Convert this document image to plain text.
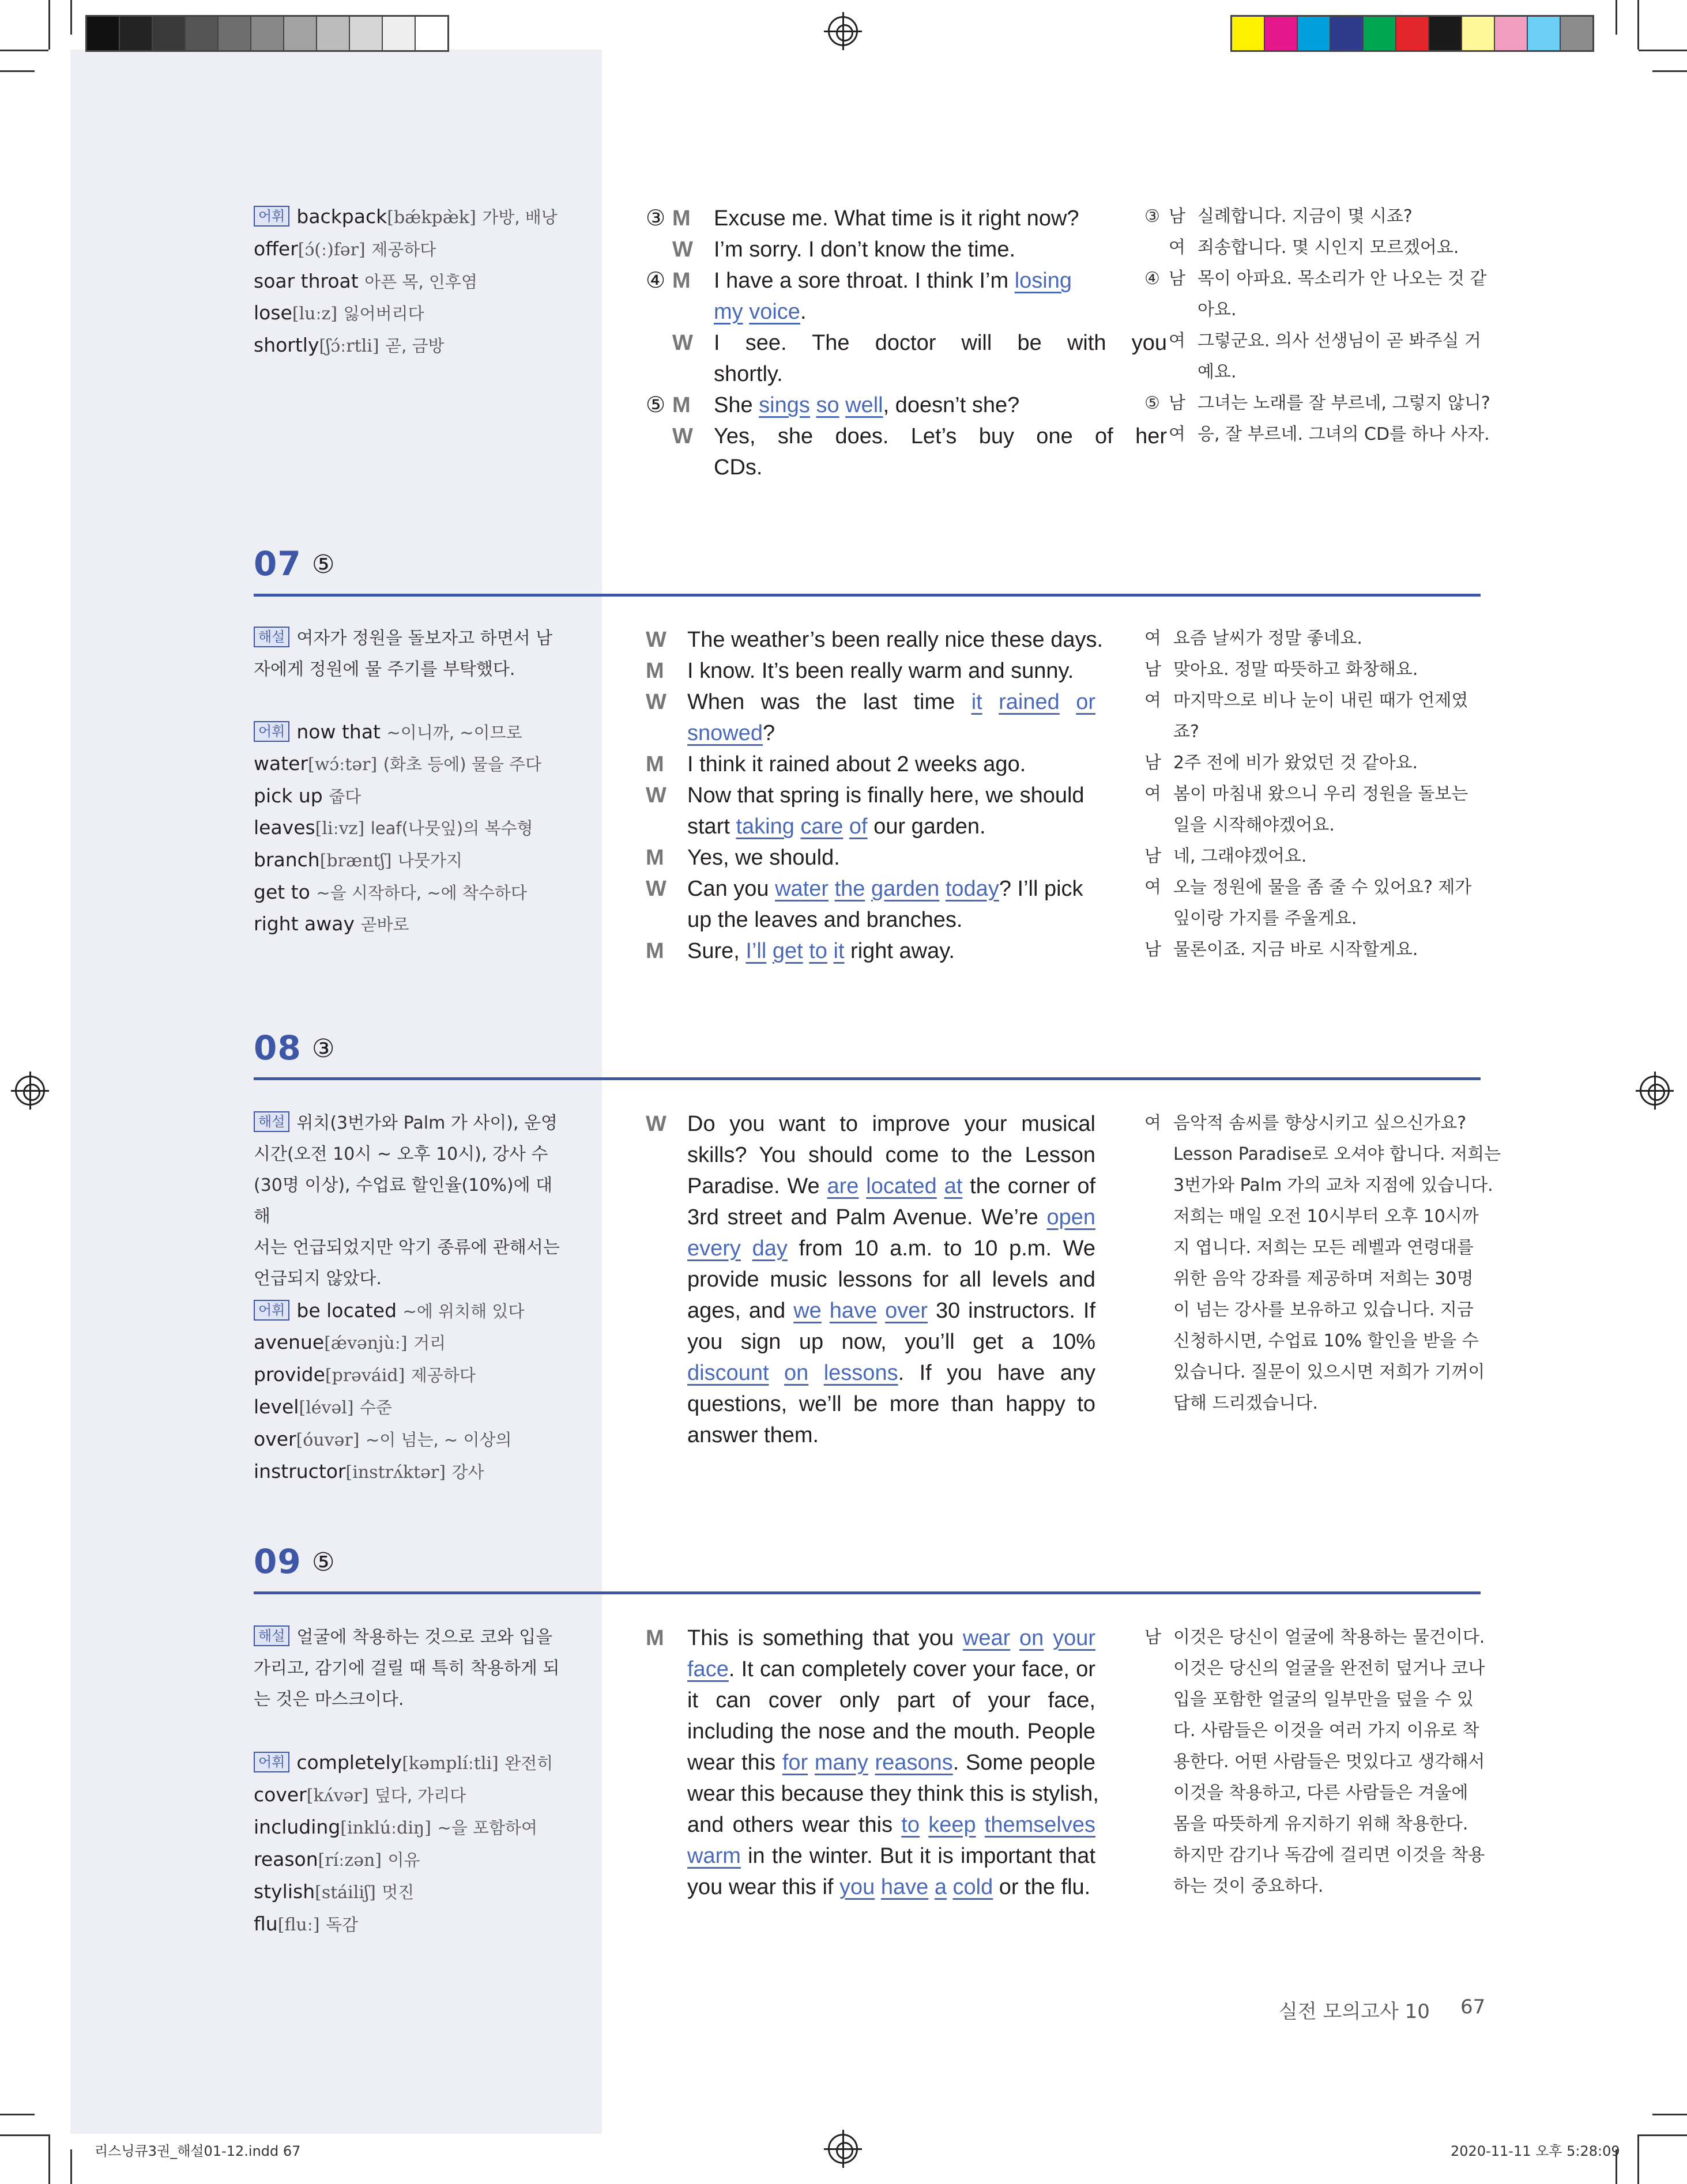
리스닝큐3권_해설01-12.indd 67	2020-11-11 오후 5:28:09
어휘 backpack[bǽkpæ̀k] 가방, 배낭
offer[ɔ́(ː)fər] 제공하다
soar throat 아픈 목, 인후염
lose[luːz] 잃어버리다
shortly[ʃɔ́ːrtli] 곧, 금방
③ M	Excuse me. What time is it right now?
W I’m sorry. I don’t know the time.
④ M	I have a sore throat. I think I’m losing
my voice.
W I see. The doctor will be with you
shortly.
⑤ M	She sings so well, doesn’t she?
W Yes, she does. Let’s buy one of her
CDs.
③ 남 실례합니다. 지금이 몇 시죠?
여 죄송합니다. 몇 시인지 모르겠어요.
④ 남 목이 아파요. 목소리가 안 나오는 것 같
아요.
여 그렇군요. 의사 선생님이 곧 봐주실 거
예요.
⑤ 남 그녀는 노래를 잘 부르네, 그렇지 않니?
여 응, 잘 부르네. 그녀의 CD를 하나 사자.
07 ⑤
해설 여자가 정원을 돌보자고 하면서 남
자에게 정원에 물 주기를 부탁했다.
어휘 now that ~이니까, ~이므로
water[wɔ́ːtər] (화초 등에) 물을 주다
pick up 줍다
leaves[liːvz] leaf(나뭇잎)의 복수형
branch[bræntʃ] 나뭇가지
get to ~을 시작하다, ~에 착수하다
right away 곧바로
W The weather’s been really nice these days.
M	I know. It’s been really warm and sunny.
W When was the last time it rained or
snowed?
M	I think it rained about 2 weeks ago.
W Now that spring is finally here, we should
start taking care of our garden.
M	Yes, we should.
W Can you water the garden today? I’ll pick
up the leaves and branches.
M	Sure, I’ll get to it right away.
여 요즘 날씨가 정말 좋네요.
남 맞아요. 정말 따뜻하고 화창해요.
여 마지막으로 비나 눈이 내린 때가 언제였
죠?
남 2주 전에 비가 왔었던 것 같아요.
여 봄이 마침내 왔으니 우리 정원을 돌보는
일을 시작해야겠어요.
남 네, 그래야겠어요.
여 오늘 정원에 물을 좀 줄 수 있어요? 제가
잎이랑 가지를 주울게요.
남 물론이죠. 지금 바로 시작할게요.
08 ③
해설 위치(3번가와 Palm 가 사이), 운영
시간(오전 10시 ~ 오후 10시), 강사 수
(30명 이상), 수업료 할인율(10%)에 대해
서는 언급되었지만 악기 종류에 관해서는
언급되지 않았다.
어휘 be located ~에 위치해 있다
avenue[ǽvənjùː] 거리
provide[prəváid] 제공하다
level[lévəl] 수준
over[óuvər] ~이 넘는, ~ 이상의
instructor[instrʌ́ktər] 강사
W Do you want to improve your musical
skills? You should come to the Lesson
Paradise. We are located at the corner of
3rd street and Palm Avenue. We’re open
every day from 10 a.m. to 10 p.m. We
provide music lessons for all levels and
ages, and we have over 30 instructors. If
you sign up now, you’ll get a 10%
discount on lessons. If you have any
questions, we’ll be more than happy to
answer them.
여 음악적 솜씨를 향상시키고 싶으신가요?
Lesson Paradise로 오셔야 합니다. 저희는
3번가와 Palm 가의 교차 지점에 있습니다.
저희는 매일 오전 10시부터 오후 10시까
지 엽니다. 저희는 모든 레벨과 연령대를
위한 음악 강좌를 제공하며 저희는 30명
이 넘는 강사를 보유하고 있습니다. 지금
신청하시면, 수업료 10% 할인을 받을 수
있습니다. 질문이 있으시면 저희가 기꺼이
답해 드리겠습니다.
09 ⑤
해설 얼굴에 착용하는 것으로 코와 입을
가리고, 감기에 걸릴 때 특히 착용하게 되
는 것은 마스크이다.
어휘 completely[kəmplíːtli] 완전히
cover[kʌ́vər] 덮다, 가리다
including[inklúːdiŋ] ~을 포함하여
reason[ríːzən] 이유
stylish[stáiliʃ] 멋진
flu[fluː] 독감
M	This is something that you wear on your
face. It can completely cover your face, or
it can cover only part of your face,
including the nose and the mouth. People
wear this for many reasons. Some people
wear this because they think this is stylish,
and others wear this to keep themselves
warm in the winter. But it is important that
you wear this if you have a cold or the flu.
남 이것은 당신이 얼굴에 착용하는 물건이다.
이것은 당신의 얼굴을 완전히 덮거나 코나
입을 포함한 얼굴의 일부만을 덮을 수 있
다. 사람들은 이것을 여러 가지 이유로 착
용한다. 어떤 사람들은 멋있다고 생각해서
이것을 착용하고, 다른 사람들은 겨울에
몸을 따뜻하게 유지하기 위해 착용한다.
하지만 감기나 독감에 걸리면 이것을 착용
하는 것이 중요하다.
실전 모의고사 10 67
